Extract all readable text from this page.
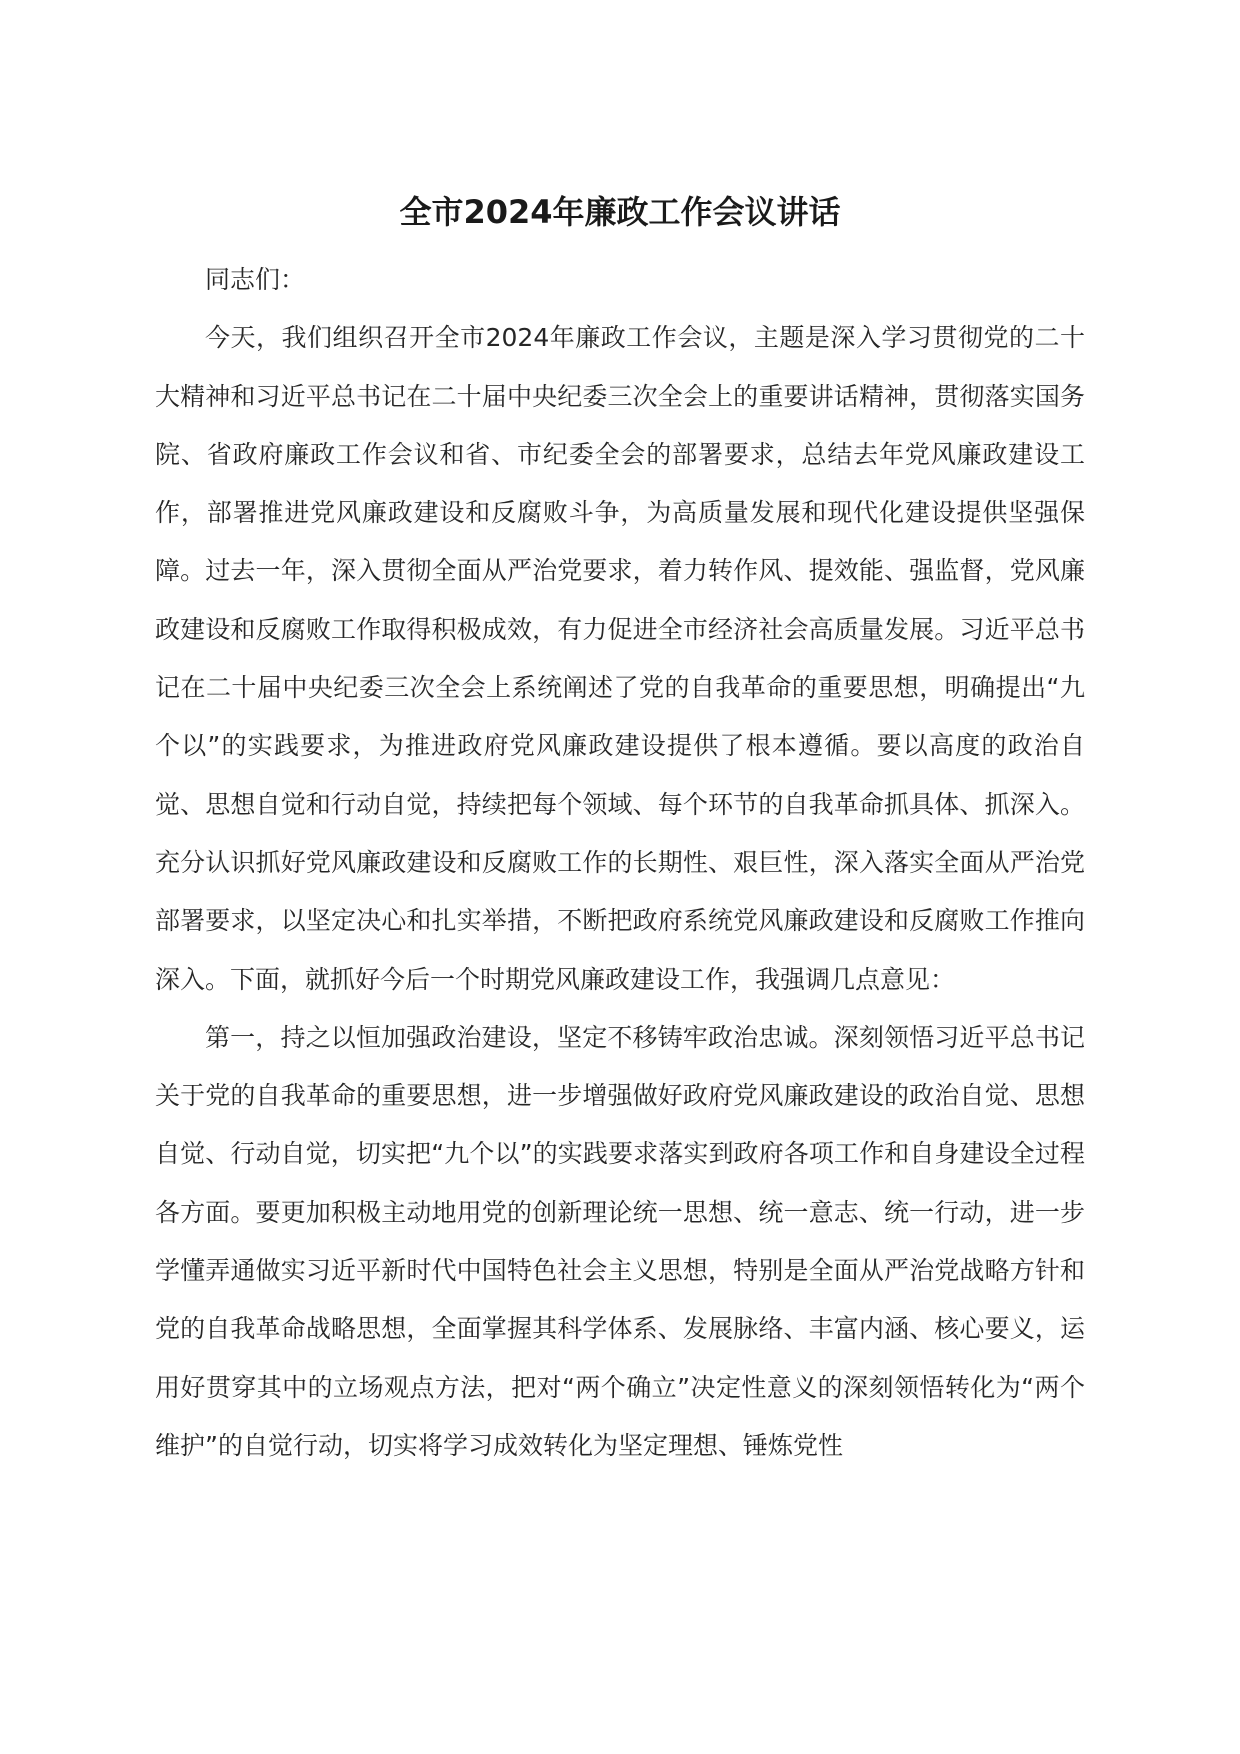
全市2024年廉政工作会议讲话

同志们：

今天，我们组织召开全市2024年廉政工作会议，主题是深入学习贯彻党的二十大精神和习近平总书记在二十届中央纪委三次全会上的重要讲话精神，贯彻落实国务院、省政府廉政工作会议和省、市纪委全会的部署要求，总结去年党风廉政建设工作，部署推进党风廉政建设和反腐败斗争，为高质量发展和现代化建设提供坚强保障。过去一年，深入贯彻全面从严治党要求，着力转作风、提效能、强监督，党风廉政建设和反腐败工作取得积极成效，有力促进全市经济社会高质量发展。习近平总书记在二十届中央纪委三次全会上系统阐述了党的自我革命的重要思想，明确提出“九个以”的实践要求，为推进政府党风廉政建设提供了根本遵循。要以高度的政治自觉、思想自觉和行动自觉，持续把每个领域、每个环节的自我革命抓具体、抓深入。充分认识抓好党风廉政建设和反腐败工作的长期性、艰巨性，深入落实全面从严治党部署要求，以坚定决心和扎实举措，不断把政府系统党风廉政建设和反腐败工作推向深入。下面，就抓好今后一个时期党风廉政建设工作，我强调几点意见：

第一，持之以恒加强政治建设，坚定不移铸牢政治忠诚。深刻领悟习近平总书记关于党的自我革命的重要思想，进一步增强做好政府党风廉政建设的政治自觉、思想自觉、行动自觉，切实把“九个以”的实践要求落实到政府各项工作和自身建设全过程各方面。要更加积极主动地用党的创新理论统一思想、统一意志、统一行动，进一步学懂弄通做实习近平新时代中国特色社会主义思想，特别是全面从严治党战略方针和党的自我革命战略思想，全面掌握其科学体系、发展脉络、丰富内涵、核心要义，运用好贯穿其中的立场观点方法，把对“两个确立”决定性意义的深刻领悟转化为“两个维护”的自觉行动，切实将学习成效转化为坚定理想、锤炼党性
